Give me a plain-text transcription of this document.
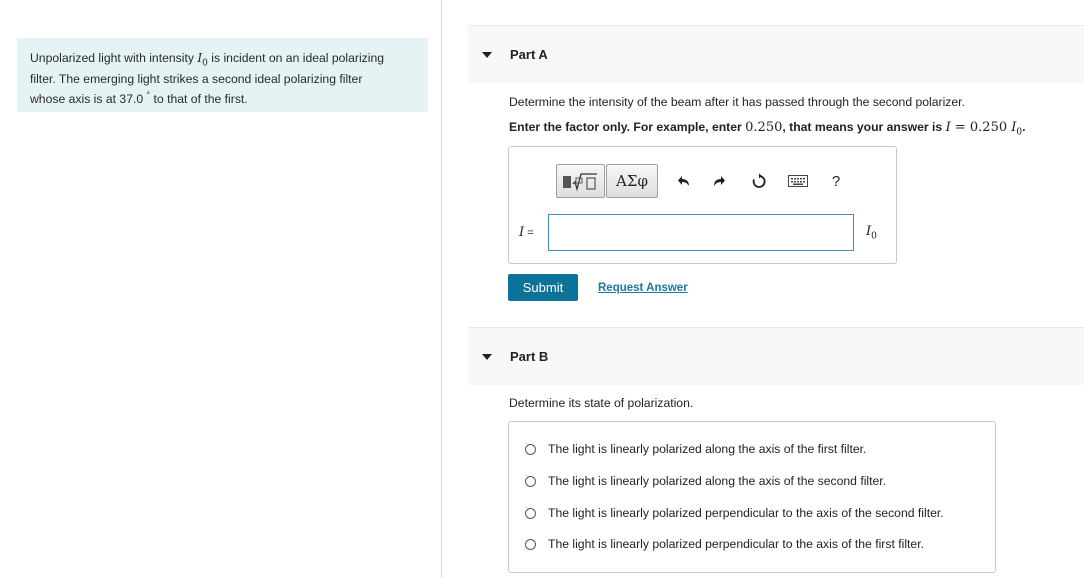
Unpolarized light with intensity $I_0$ is incident on an ideal polarizing
filter. The emerging light strikes a second ideal polarizing filter
whose axis is at 37.0 ° to that of the first.
Part A
Determine the intensity of the beam after it has passed through the second polarizer.
Enter the factor only. For example, enter 0.250, that means your answer is I = 0.250 $I_0$.
ΑΣφ	?
I =	$I_0$
Submit	Request Answer
Part B
Determine its state of polarization.
The light is linearly polarized along the axis of the first filter.
The light is linearly polarized along the axis of the second filter.
The light is linearly polarized perpendicular to the axis of the second filter.
The light is linearly polarized perpendicular to the axis of the first filter.
